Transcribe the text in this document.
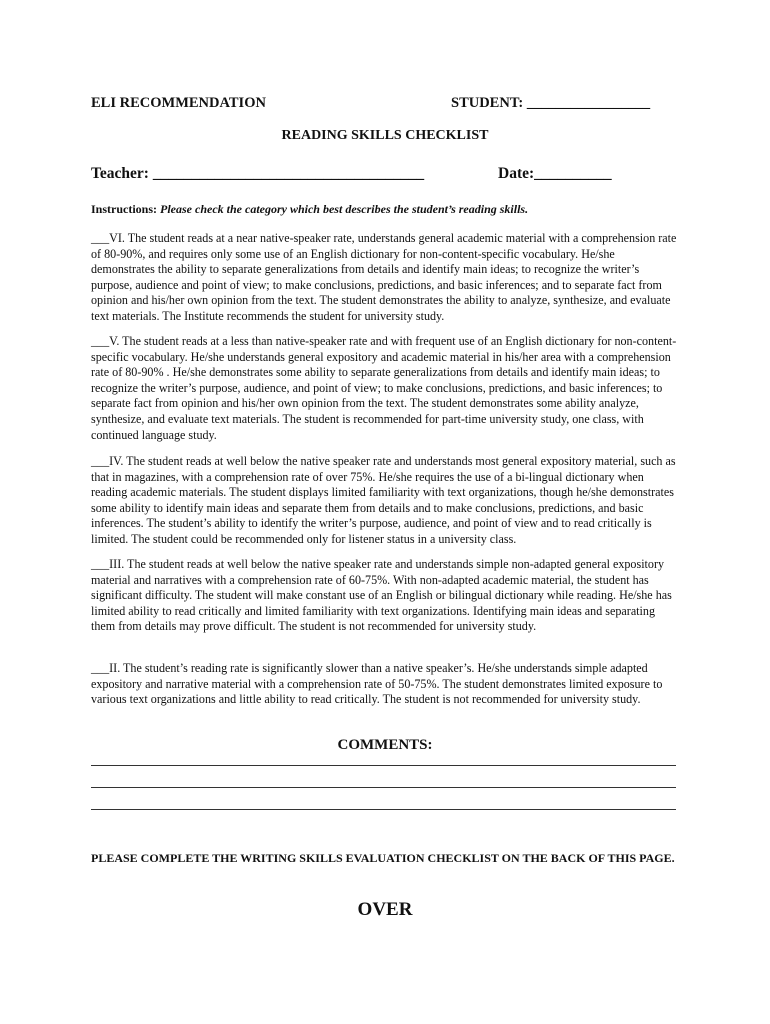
ELI RECOMMENDATION	STUDENT: _________________
READING SKILLS CHECKLIST
Teacher: ___________________________________	Date:__________
Instructions: Please check the category which best describes the student’s reading skills.
___VI. The student reads at a near native-speaker rate, understands general academic material with a comprehension rate of 80-90%, and requires only some use of an English dictionary for non-content-specific vocabulary. He/she demonstrates the ability to separate generalizations from details and identify main ideas; to recognize the writer’s purpose, audience and point of view; to make conclusions, predictions, and basic inferences; and to separate fact from opinion and his/her own opinion from the text. The student demonstrates the ability to analyze, synthesize, and evaluate text materials. The Institute recommends the student for university study.
___V. The student reads at a less than native-speaker rate and with frequent use of an English dictionary for non-content-specific vocabulary. He/she understands general expository and academic material in his/her area with a comprehension rate of 80-90% . He/she demonstrates some ability to separate generalizations from details and identify main ideas; to recognize the writer’s purpose, audience, and point of view; to make conclusions, predictions, and basic inferences; to separate fact from opinion and his/her own opinion from the text. The student demonstrates some ability analyze, synthesize, and evaluate text materials. The student is recommended for part-time university study, one class, with continued language study.
___IV. The student reads at well below the native speaker rate and understands most general expository material, such as that in magazines, with a comprehension rate of over 75%. He/she requires the use of a bi-lingual dictionary when reading academic materials. The student displays limited familiarity with text organizations, though he/she demonstrates some ability to identify main ideas and separate them from details and to make conclusions, predictions, and basic inferences. The student’s ability to identify the writer’s purpose, audience, and point of view and to read critically is limited. The student could be recommended only for listener status in a university class.
___III. The student reads at well below the native speaker rate and understands simple non-adapted general expository material and narratives with a comprehension rate of 60-75%. With non-adapted academic material, the student has significant difficulty. The student will make constant use of an English or bilingual dictionary while reading. He/she has limited ability to read critically and limited familiarity with text organizations. Identifying main ideas and separating them from details may prove difficult. The student is not recommended for university study.
___II. The student’s reading rate is significantly slower than a native speaker’s. He/she understands simple adapted expository and narrative material with a comprehension rate of 50-75%. The student demonstrates limited exposure to various text organizations and little ability to read critically. The student is not recommended for university study.
COMMENTS:
PLEASE COMPLETE THE WRITING SKILLS EVALUATION CHECKLIST ON THE BACK OF THIS PAGE.
OVER
